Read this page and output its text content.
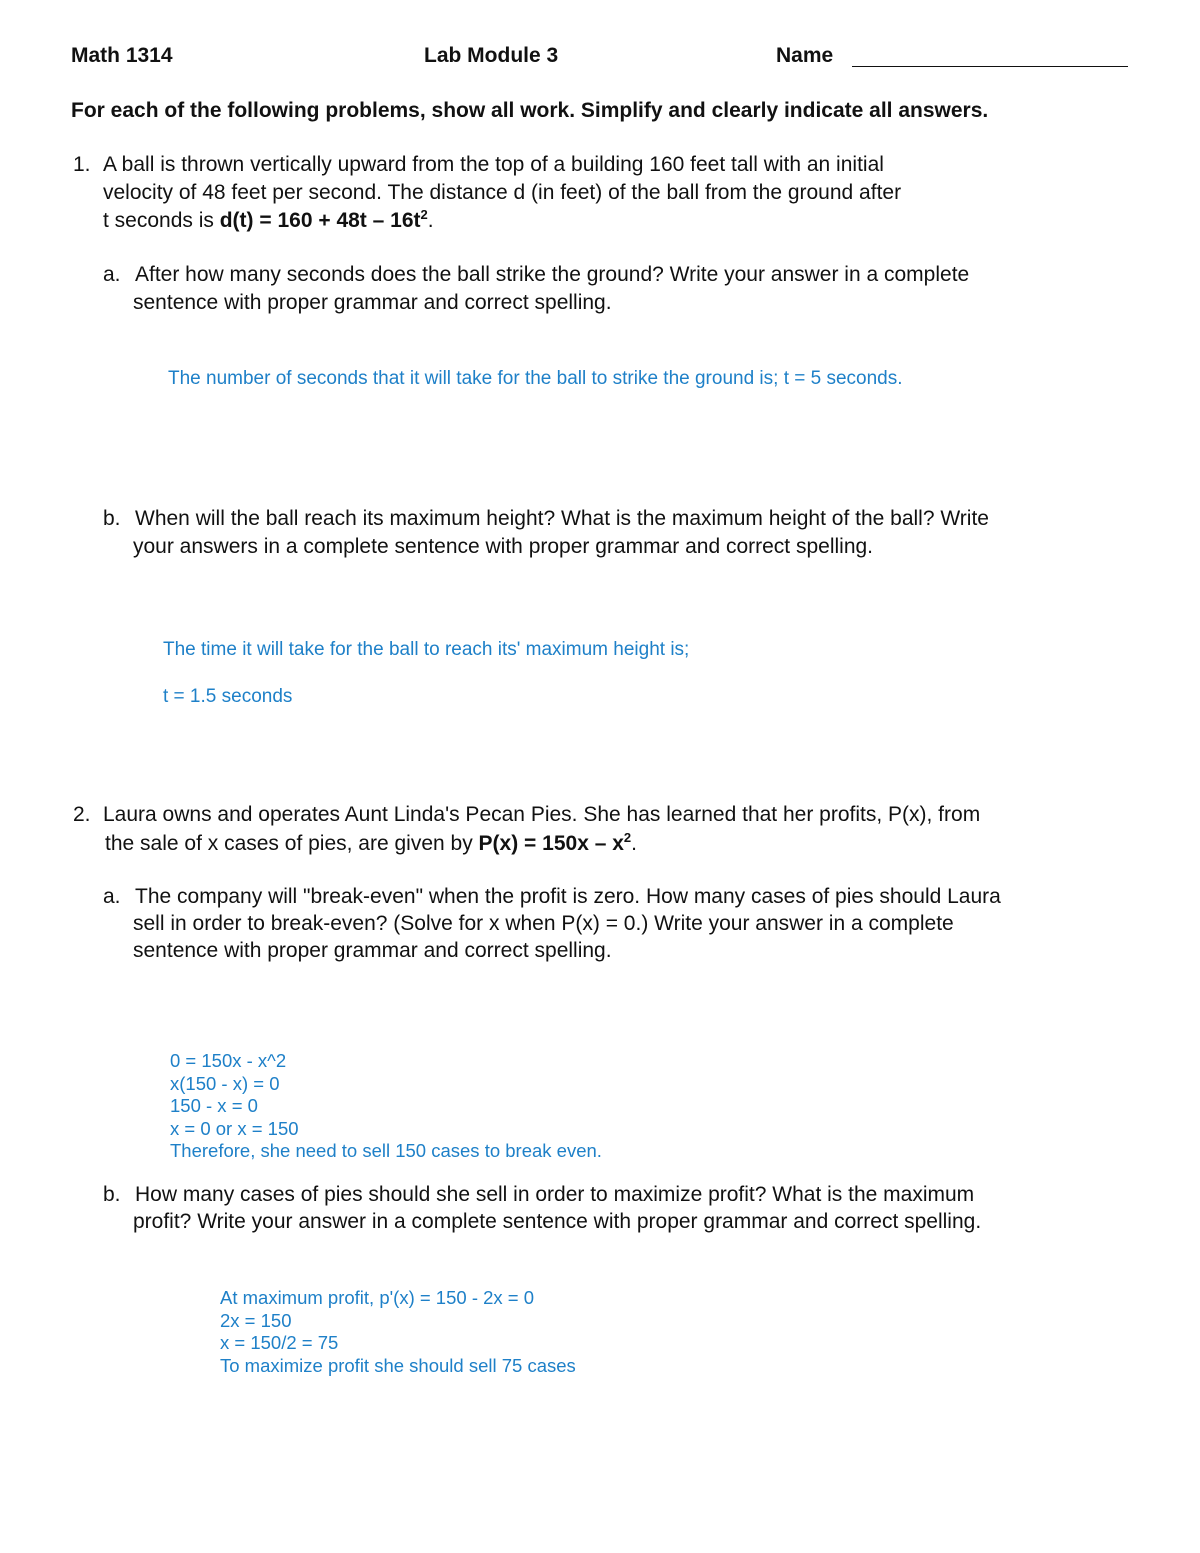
Math 1314	Lab Module 3	Name
For each of the following problems, show all work. Simplify and clearly indicate all answers.
1. A ball is thrown vertically upward from the top of a building 160 feet tall with an initial
velocity of 48 feet per second. The distance d (in feet) of the ball from the ground after
t seconds is $d(t) = 160 + 48t - 16t^2$.
a. After how many seconds does the ball strike the ground? Write your answer in a complete
sentence with proper grammar and correct spelling.
The number of seconds that it will take for the ball to strike the ground is; t = 5 seconds.
b. When will the ball reach its maximum height? What is the maximum height of the ball? Write
your answers in a complete sentence with proper grammar and correct spelling.
The time it will take for the ball to reach its' maximum height is;
t = 1.5 seconds
2. Laura owns and operates Aunt Linda's Pecan Pies. She has learned that her profits, P(x), from
the sale of x cases of pies, are given by $P(x) = 150x - x^2$.
a. The company will "break-even" when the profit is zero. How many cases of pies should Laura
sell in order to break-even? (Solve for x when P(x) = 0.) Write your answer in a complete
sentence with proper grammar and correct spelling.
0 = 150x - x^2
x(150 - x) = 0
150 - x = 0
x = 0 or x = 150
Therefore, she need to sell 150 cases to break even.
b. How many cases of pies should she sell in order to maximize profit? What is the maximum
profit? Write your answer in a complete sentence with proper grammar and correct spelling.
At maximum profit, p'(x) = 150 - 2x = 0
2x = 150
x = 150/2 = 75
To maximize profit she should sell 75 cases
